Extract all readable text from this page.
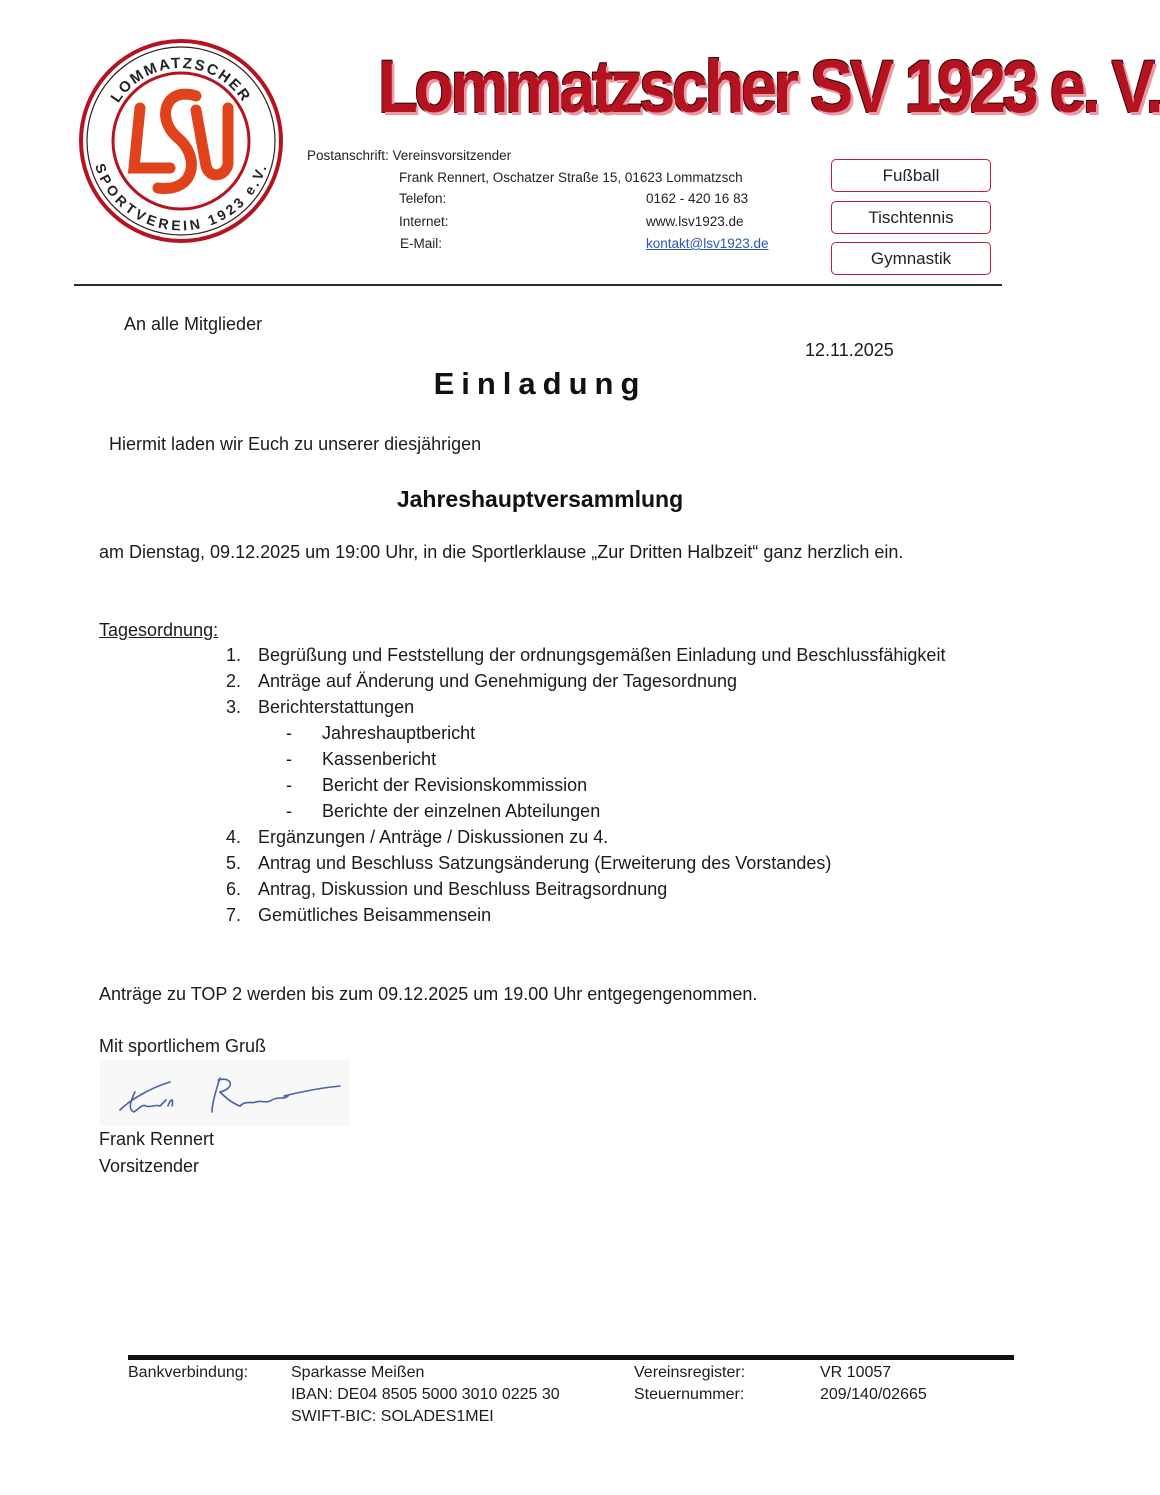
LOMMATZSCHER
SPORTVEREIN 1923 e.V.
Lommatzscher SV 1923 e. V.
Postanschrift: Vereinsvorsitzender
Frank Rennert, Oschatzer Straße 15, 01623 Lommatzsch
Telefon:	0162 - 420 16 83
Internet:	www.lsv1923.de
E-Mail:	kontakt@lsv1923.de
Fußball
Tischtennis
Gymnastik
An alle Mitglieder
12.11.2025
Einladung
Hiermit laden wir Euch zu unserer diesjährigen
Jahreshauptversammlung
am Dienstag, 09.12.2025 um 19:00 Uhr, in die Sportlerklause „Zur Dritten Halbzeit“ ganz herzlich ein.
Tagesordnung:
1. Begrüßung und Feststellung der ordnungsgemäßen Einladung und Beschlussfähigkeit
2. Anträge auf Änderung und Genehmigung der Tagesordnung
3. Berichterstattungen
-	Jahreshauptbericht
-	Kassenbericht
-	Bericht der Revisionskommission
-	Berichte der einzelnen Abteilungen
4. Ergänzungen / Anträge / Diskussionen zu 4.
5. Antrag und Beschluss Satzungsänderung (Erweiterung des Vorstandes)
6. Antrag, Diskussion und Beschluss Beitragsordnung
7. Gemütliches Beisammensein
Anträge zu TOP 2 werden bis zum 09.12.2025 um 19.00 Uhr entgegengenommen.
Mit sportlichem Gruß
Frank Rennert
Vorsitzender
Bankverbindung:	Sparkasse Meißen
IBAN: DE04 8505 5000 3010 0225 30
SWIFT-BIC: SOLADES1MEI
Vereinsregister:	VR 10057
Steuernummer:	209/140/02665
